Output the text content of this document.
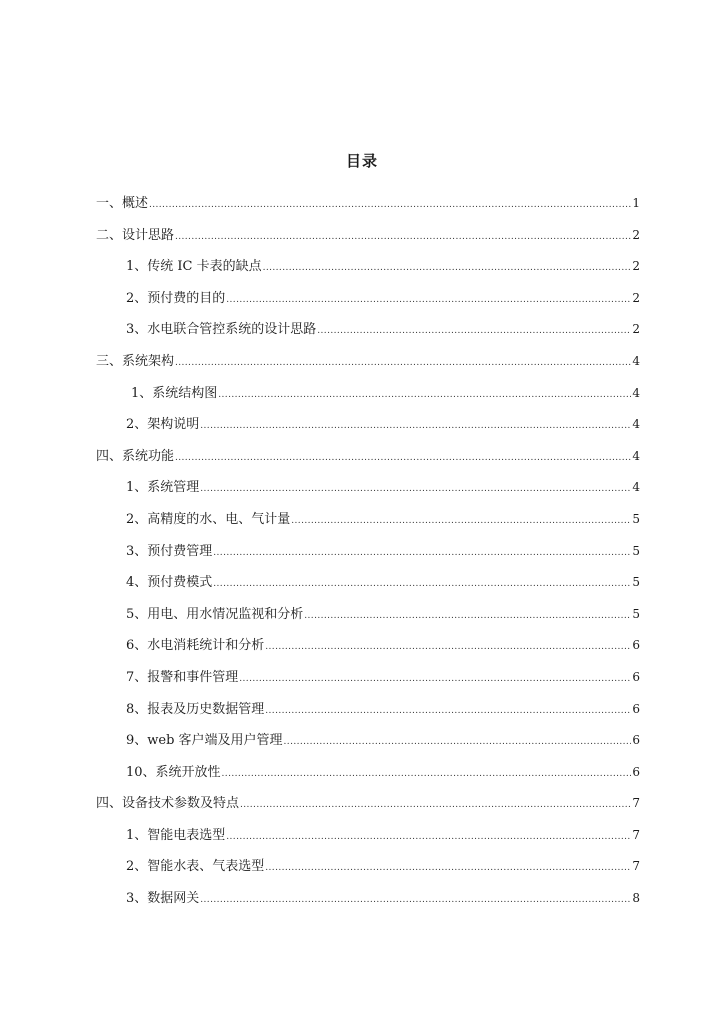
目录
一、概述 .....	1
二、设计思路 .....	2
1、传统 IC 卡表的缺点 .....	2
2、预付费的目的 .....	2
3、水电联合管控系统的设计思路 .....	2
三、系统架构 .....	4
1、系统结构图 .....	4
2、架构说明 .....	4
四、系统功能 .....	4
1、系统管理 .....	4
2、高精度的水、电、气计量 .....	5
3、预付费管理 .....	5
4、预付费模式 .....	5
5、用电、用水情况监视和分析 .....	5
6、水电消耗统计和分析 .....	6
7、报警和事件管理 .....	6
8、报表及历史数据管理 .....	6
9、web 客户端及用户管理 .....	6
10、系统开放性 .....	6
四、设备技术参数及特点 .....	7
1、智能电表选型 .....	7
2、智能水表、气表选型 .....	7
3、数据网关 .....	8
